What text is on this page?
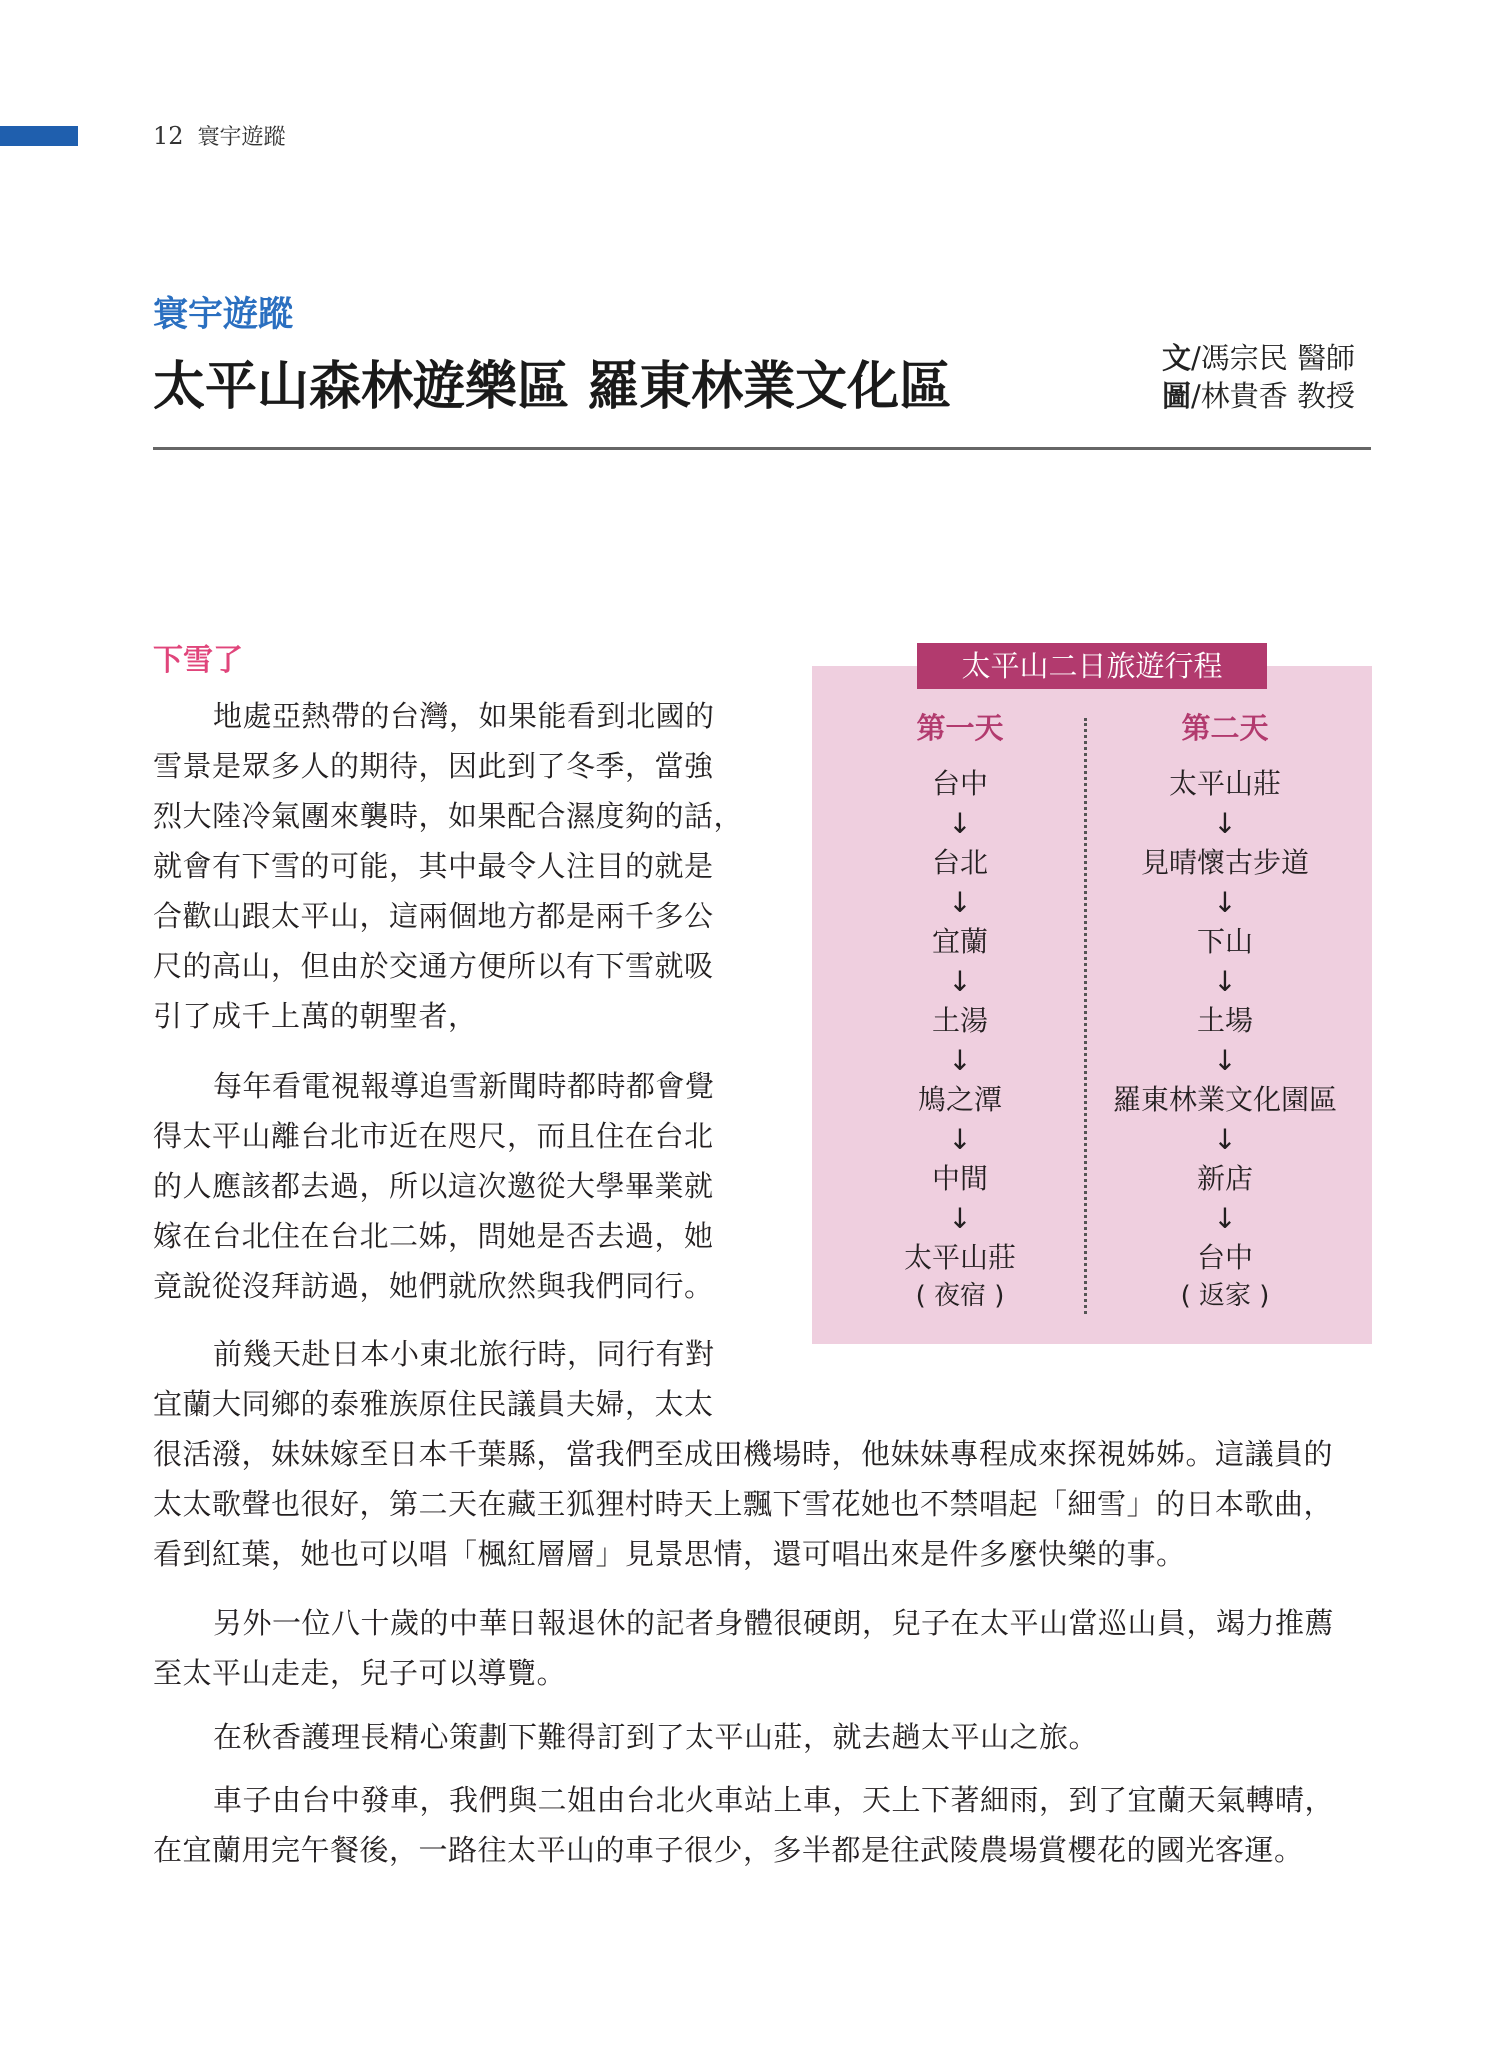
12 寰宇遊蹤
寰宇遊蹤
太平山森林遊樂區 羅東林業文化區	文/馮宗民 醫師
圖/林貴香 教授
下雪了
地處亞熱帶的台灣，如果能看到北國的
雪景是眾多人的期待，因此到了冬季，當強
烈大陸冷氣團來襲時，如果配合濕度夠的話，
就會有下雪的可能，其中最令人注目的就是
合歡山跟太平山，這兩個地方都是兩千多公
尺的高山，但由於交通方便所以有下雪就吸
引了成千上萬的朝聖者，
每年看電視報導追雪新聞時都時都會覺
得太平山離台北市近在咫尺，而且住在台北
的人應該都去過，所以這次邀從大學畢業就
嫁在台北住在台北二姊，問她是否去過，她
竟說從沒拜訪過，她們就欣然與我們同行。
前幾天赴日本小東北旅行時，同行有對
宜蘭大同鄉的泰雅族原住民議員夫婦，太太
很活潑，妹妹嫁至日本千葉縣，當我們至成田機場時，他妹妹專程成來探視姊姊。這議員的
太太歌聲也很好，第二天在藏王狐狸村時天上飄下雪花她也不禁唱起「細雪」的日本歌曲，
看到紅葉，她也可以唱「楓紅層層」見景思情，還可唱出來是件多麼快樂的事。
另外一位八十歲的中華日報退休的記者身體很硬朗，兒子在太平山當巡山員，竭力推薦
至太平山走走，兒子可以導覽。
在秋香護理長精心策劃下難得訂到了太平山莊，就去趟太平山之旅。
車子由台中發車，我們與二姐由台北火車站上車，天上下著細雨，到了宜蘭天氣轉晴，
在宜蘭用完午餐後，一路往太平山的車子很少，多半都是往武陵農場賞櫻花的國光客運。
太平山二日旅遊行程
第一天
台中
↓
台北
↓
宜蘭
↓
土湯
↓
鳩之潭
↓
中間
↓
太平山莊
( 夜宿 )
第二天
太平山莊
↓
見晴懷古步道
↓
下山
↓
土場
↓
羅東林業文化園區
↓
新店
↓
台中
( 返家 )
